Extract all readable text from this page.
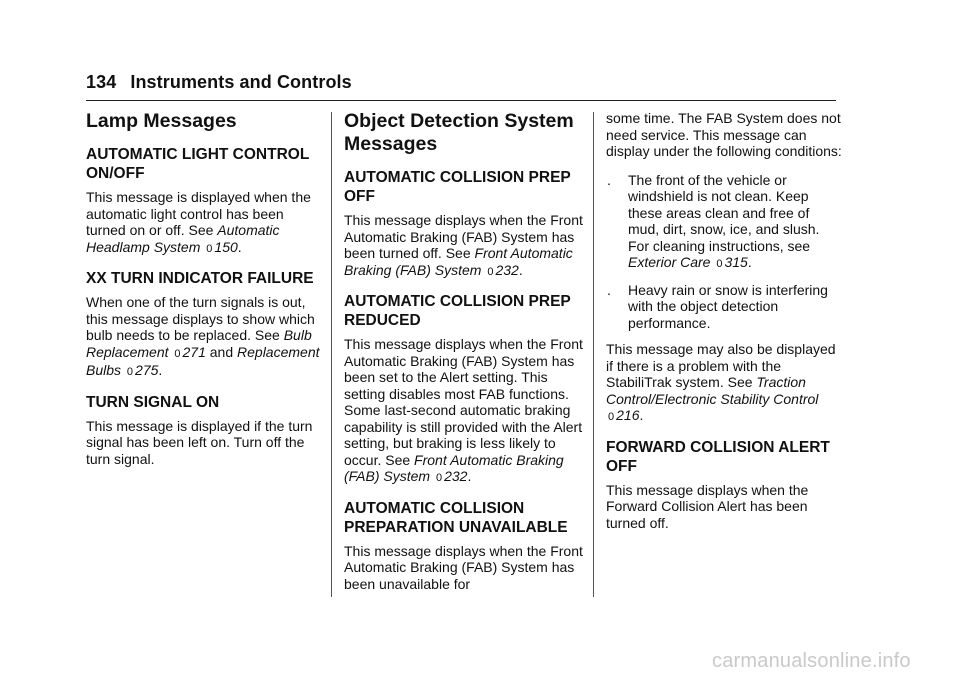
134 Instruments and Controls
Lamp Messages
AUTOMATIC LIGHT CONTROL ON/OFF

This message is displayed when the automatic light control has been turned on or off. See Automatic Headlamp System 0 150.

XX TURN INDICATOR FAILURE

When one of the turn signals is out, this message displays to show which bulb needs to be replaced. See Bulb Replacement 0 271 and Replacement Bulbs 0 275.

TURN SIGNAL ON

This message is displayed if the turn signal has been left on. Turn off the turn signal.

Object Detection System Messages
AUTOMATIC COLLISION PREP OFF

This message displays when the Front Automatic Braking (FAB) System has been turned off. See Front Automatic Braking (FAB) System 0 232.

AUTOMATIC COLLISION PREP REDUCED

This message displays when the Front Automatic Braking (FAB) System has been set to the Alert setting. This setting disables most FAB functions. Some last-second automatic braking capability is still provided with the Alert setting, but braking is less likely to occur. See Front Automatic Braking (FAB) System 0 232.

AUTOMATIC COLLISION PREPARATION UNAVAILABLE

This message displays when the Front Automatic Braking (FAB) System has been unavailable for

some time. The FAB System does not need service. This message can display under the following conditions:

. The front of the vehicle or windshield is not clean. Keep these areas clean and free of mud, dirt, snow, ice, and slush. For cleaning instructions, see Exterior Care 0 315.
. Heavy rain or snow is interfering with the object detection performance.

This message may also be displayed if there is a problem with the StabiliTrak system. See Traction Control/Electronic Stability Control
0 216.

FORWARD COLLISION ALERT OFF

This message displays when the Forward Collision Alert has been turned off.

carmanualsonline.info
